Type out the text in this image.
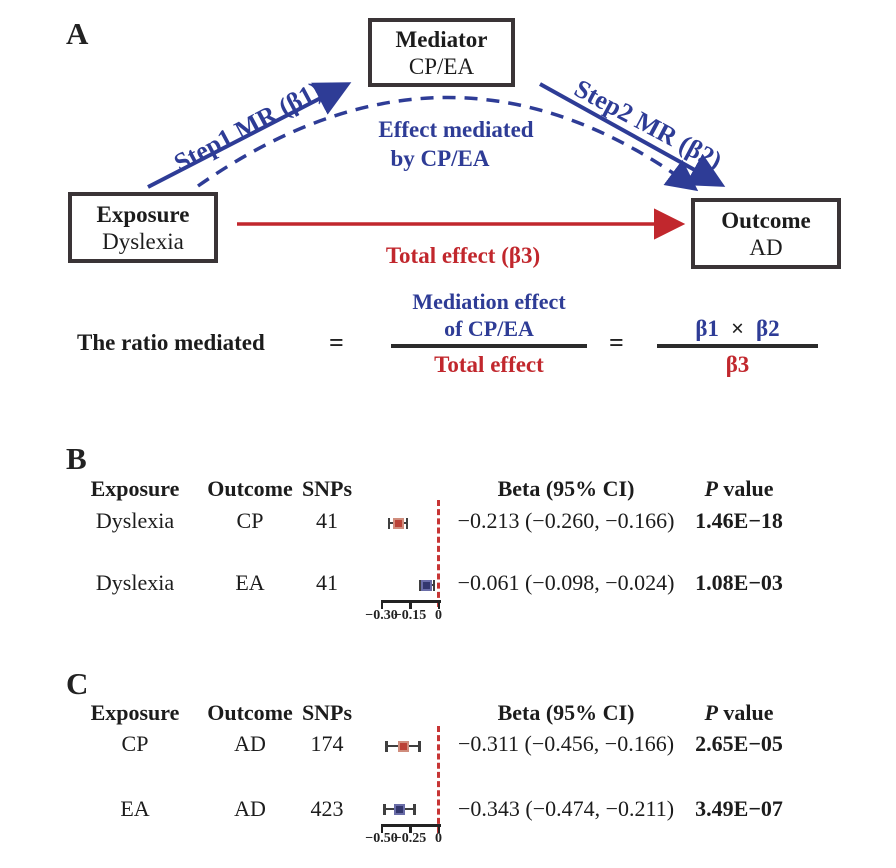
A	Mediator
CP/EA
Exposure
Dyslexia
Outcome
AD
Step1 MR (β1)	Step2 MR (β2)
Effect mediated
by CP/EA
Total effect (β3)
The ratio mediated =
Mediation effect
of CP/EA
Total effect
=	β1 × β2
β3
B
Exposure	Outcome SNPs	Beta (95% CI)	P value
Dyslexia	CP	41	−0.213 (−0.260, −0.166) 1.46E−18
Dyslexia	EA	41	−0.061 (−0.098, −0.024) 1.08E−03
C
Exposure	Outcome SNPs	Beta (95% CI)	P value
CP	AD	174	−0.311 (−0.456, −0.166) 2.65E−05
EA	AD	423	−0.343 (−0.474, −0.211) 3.49E−07
−0.30
−0.15 0
−0.50
−0.25 0
